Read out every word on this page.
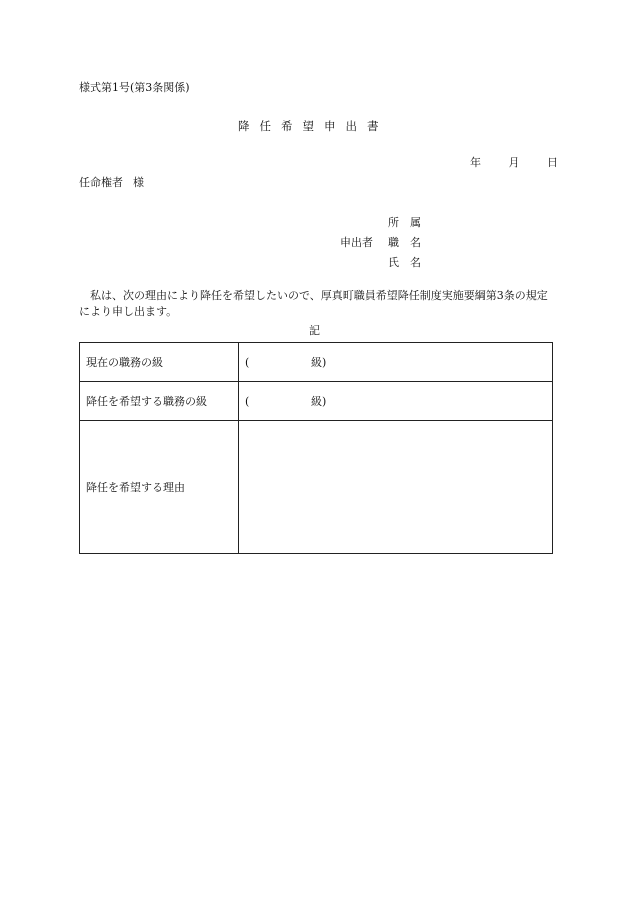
様式第1号(第3条関係)
降任希望申出書
年	月	日
任命権者 様
所属
申出者	職名
氏名
私は、次の理由により降任を希望したいので、厚真町職員希望降任制度実施要綱第3条の規定により申し出ます。
記
現在の職務の級	( 級)
降任を希望する職務の級	( 級)
降任を希望する理由	
